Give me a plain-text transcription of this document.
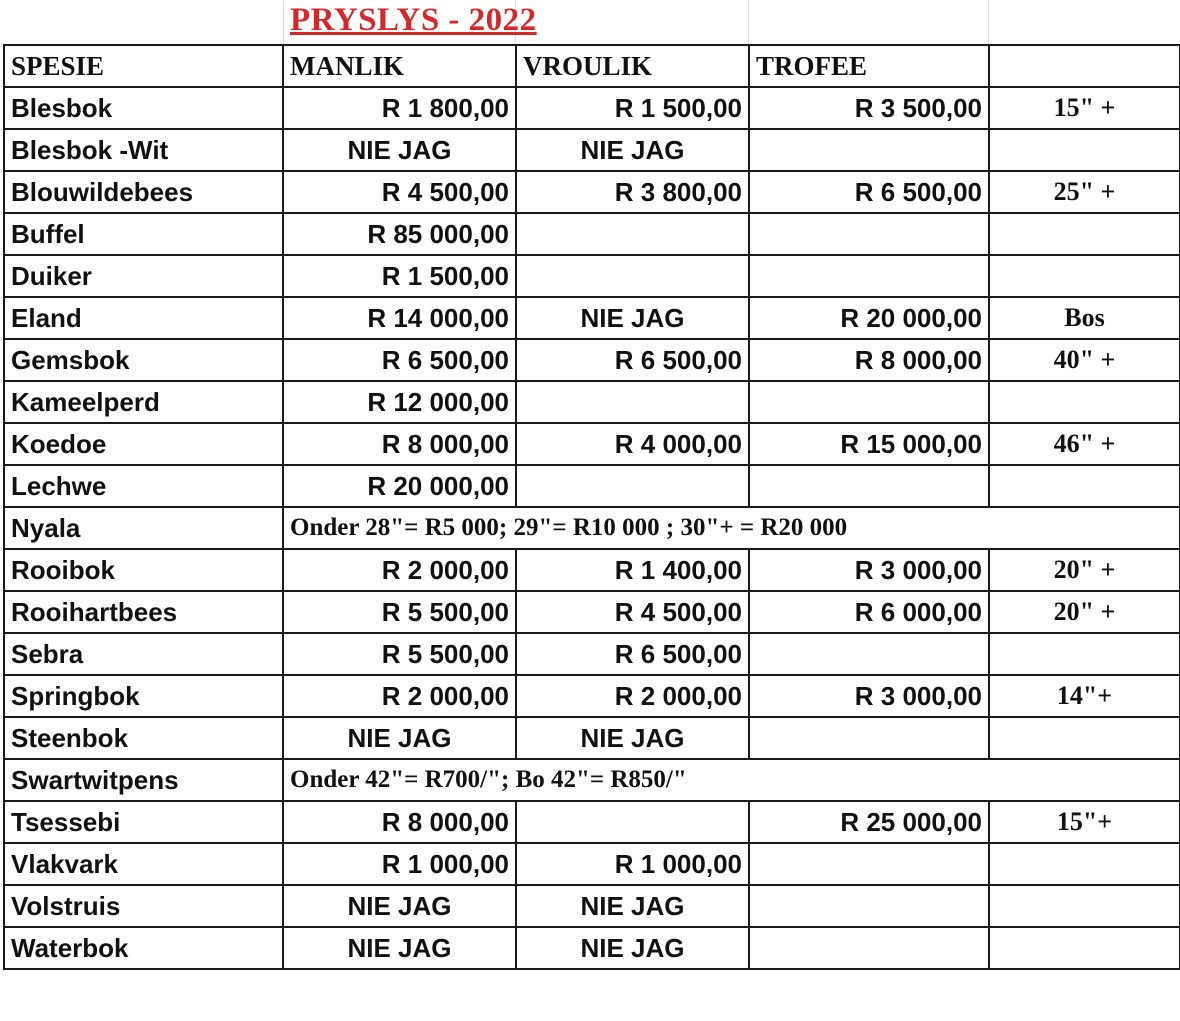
PRYSLYS - 2022
SPESIE	MANLIK	VROULIK	TROFEE	
Blesbok	R 1 800,00	R 1 500,00	R 3 500,00	15" +
Blesbok -Wit	NIE JAG	NIE JAG		
Blouwildebees	R 4 500,00	R 3 800,00	R 6 500,00	25" +
Buffel	R 85 000,00			
Duiker	R 1 500,00			
Eland	R 14 000,00	NIE JAG	R 20 000,00	Bos
Gemsbok	R 6 500,00	R 6 500,00	R 8 000,00	40" +
Kameelperd	R 12 000,00			
Koedoe	R 8 000,00	R 4 000,00	R 15 000,00	46" +
Lechwe	R 20 000,00			
Nyala	Onder 28"= R5 000; 29"= R10 000 ; 30"+ = R20 000			
Rooibok	R 2 000,00	R 1 400,00	R 3 000,00	20" +
Rooihartbees	R 5 500,00	R 4 500,00	R 6 000,00	20" +
Sebra	R 5 500,00	R 6 500,00		
Springbok	R 2 000,00	R 2 000,00	R 3 000,00	14"+
Steenbok	NIE JAG	NIE JAG		
Swartwitpens	Onder 42"= R700/"; Bo 42"= R850/"			
Tsessebi	R 8 000,00		R 25 000,00	15"+
Vlakvark	R 1 000,00	R 1 000,00		
Volstruis	NIE JAG	NIE JAG		
Waterbok	NIE JAG	NIE JAG		
